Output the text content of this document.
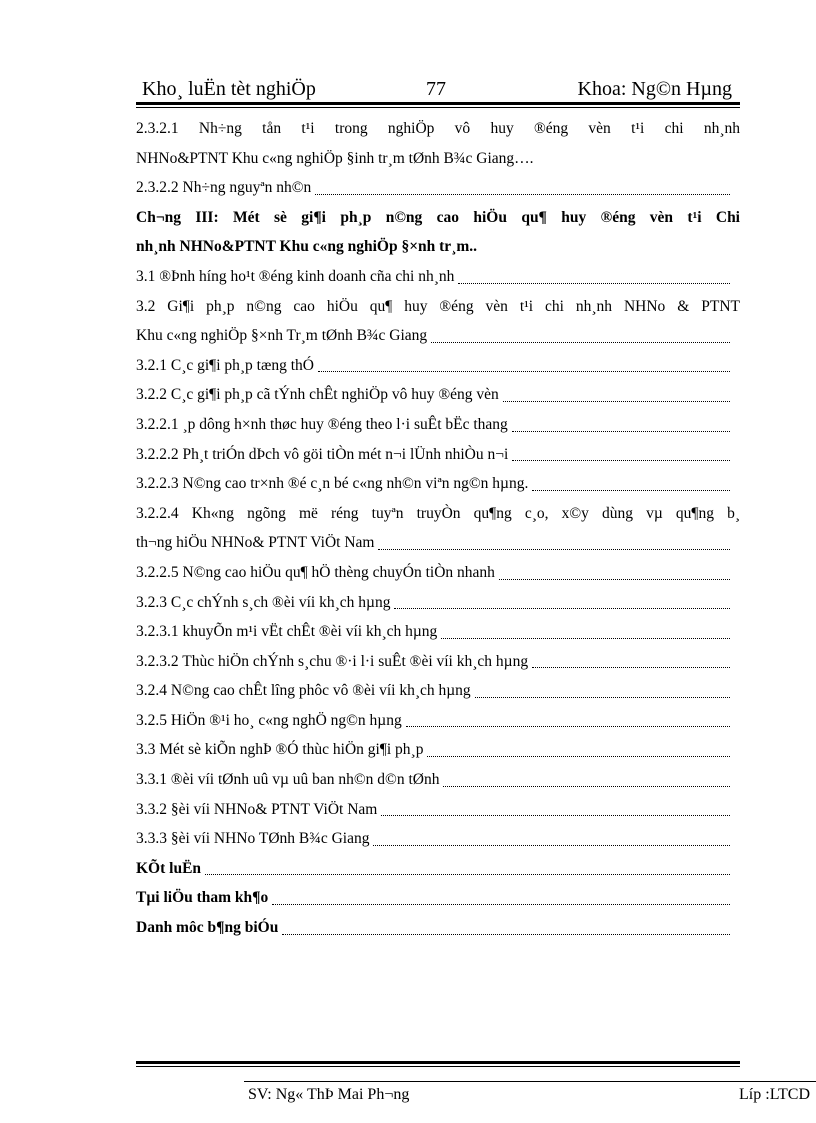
Kho¸ luËn tèt nghiÖp	77	Khoa: Ng©n Hµng
2.3.2.1 Nh÷ng tån t¹i trong nghiÖp vô huy ®éng vèn t¹i chi nh¸nh
NHNo&PTNT Khu c«ng nghiÖp §inh tr¸m tØnh B¾c Giang….
2.3.2.2 Nh÷ng nguyªn nh©n
Ch¬ng III: Mét sè gi¶i ph¸p n©ng cao hiÖu qu¶ huy ®éng vèn t¹i Chi
nh¸nh NHNo&PTNT Khu c«ng nghiÖp §×nh tr¸m..
3.1 ®Þnh híng ho¹t ®éng kinh doanh cña chi nh¸nh
3.2 Gi¶i ph¸p n©ng cao hiÖu qu¶ huy ®éng vèn t¹i chi nh¸nh NHNo & PTNT
Khu c«ng nghiÖp §×nh Tr¸m tØnh B¾c Giang
3.2.1 C¸c gi¶i ph¸p tæng thÓ
3.2.2 C¸c gi¶i ph¸p cã tÝnh chÊt nghiÖp vô huy ®éng vèn
3.2.2.1 ¸p dông h×nh thøc huy ®éng theo l·i suÊt bËc thang
3.2.2.2 Ph¸t triÓn dÞch vô göi tiÒn mét n¬i lÜnh nhiÒu n¬i
3.2.2.3 N©ng cao tr×nh ®é c¸n bé c«ng nh©n viªn ng©n hµng.
3.2.2.4 Kh«ng ngõng më réng tuyªn truyÒn qu¶ng c¸o, x©y dùng vµ qu¶ng b¸
th¬ng hiÖu NHNo& PTNT ViÖt Nam
3.2.2.5 N©ng cao hiÖu qu¶ hÖ thèng chuyÓn tiÒn nhanh
3.2.3 C¸c chÝnh s¸ch ®èi víi kh¸ch hµng
3.2.3.1 khuyÕn m¹i vËt chÊt ®èi víi kh¸ch hµng
3.2.3.2 Thùc hiÖn chÝnh s¸chu ®·i l·i suÊt ®èi víi kh¸ch hµng
3.2.4 N©ng cao chÊt lîng phôc vô ®èi víi kh¸ch hµng
3.2.5 HiÖn ®¹i ho¸ c«ng nghÖ ng©n hµng
3.3 Mét sè kiÕn nghÞ ®Ó thùc hiÖn gi¶i ph¸p
3.3.1 ®èi víi tØnh uû vµ uû ban nh©n d©n tØnh
3.3.2 §èi víi NHNo& PTNT ViÖt Nam
3.3.3 §èi víi NHNo TØnh B¾c Giang
KÕt luËn
Tµi liÖu tham kh¶o
Danh môc b¶ng biÓu
SV: Ng« ThÞ Mai Ph¬ng	Líp :LTCD
